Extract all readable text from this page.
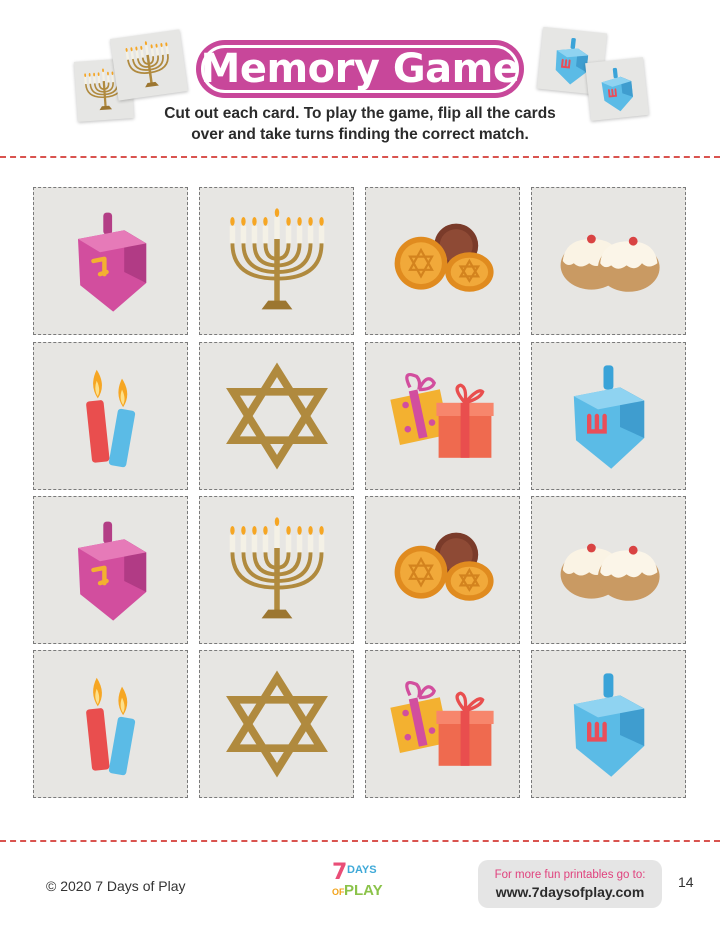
Memory Game
Cut out each card. To play the game, flip all the cards
over and take turns finding the correct match.
© 2020 7 Days of Play
7 DAYS
OF PLAY
For more fun printables go to:
www.7daysofplay.com
14
